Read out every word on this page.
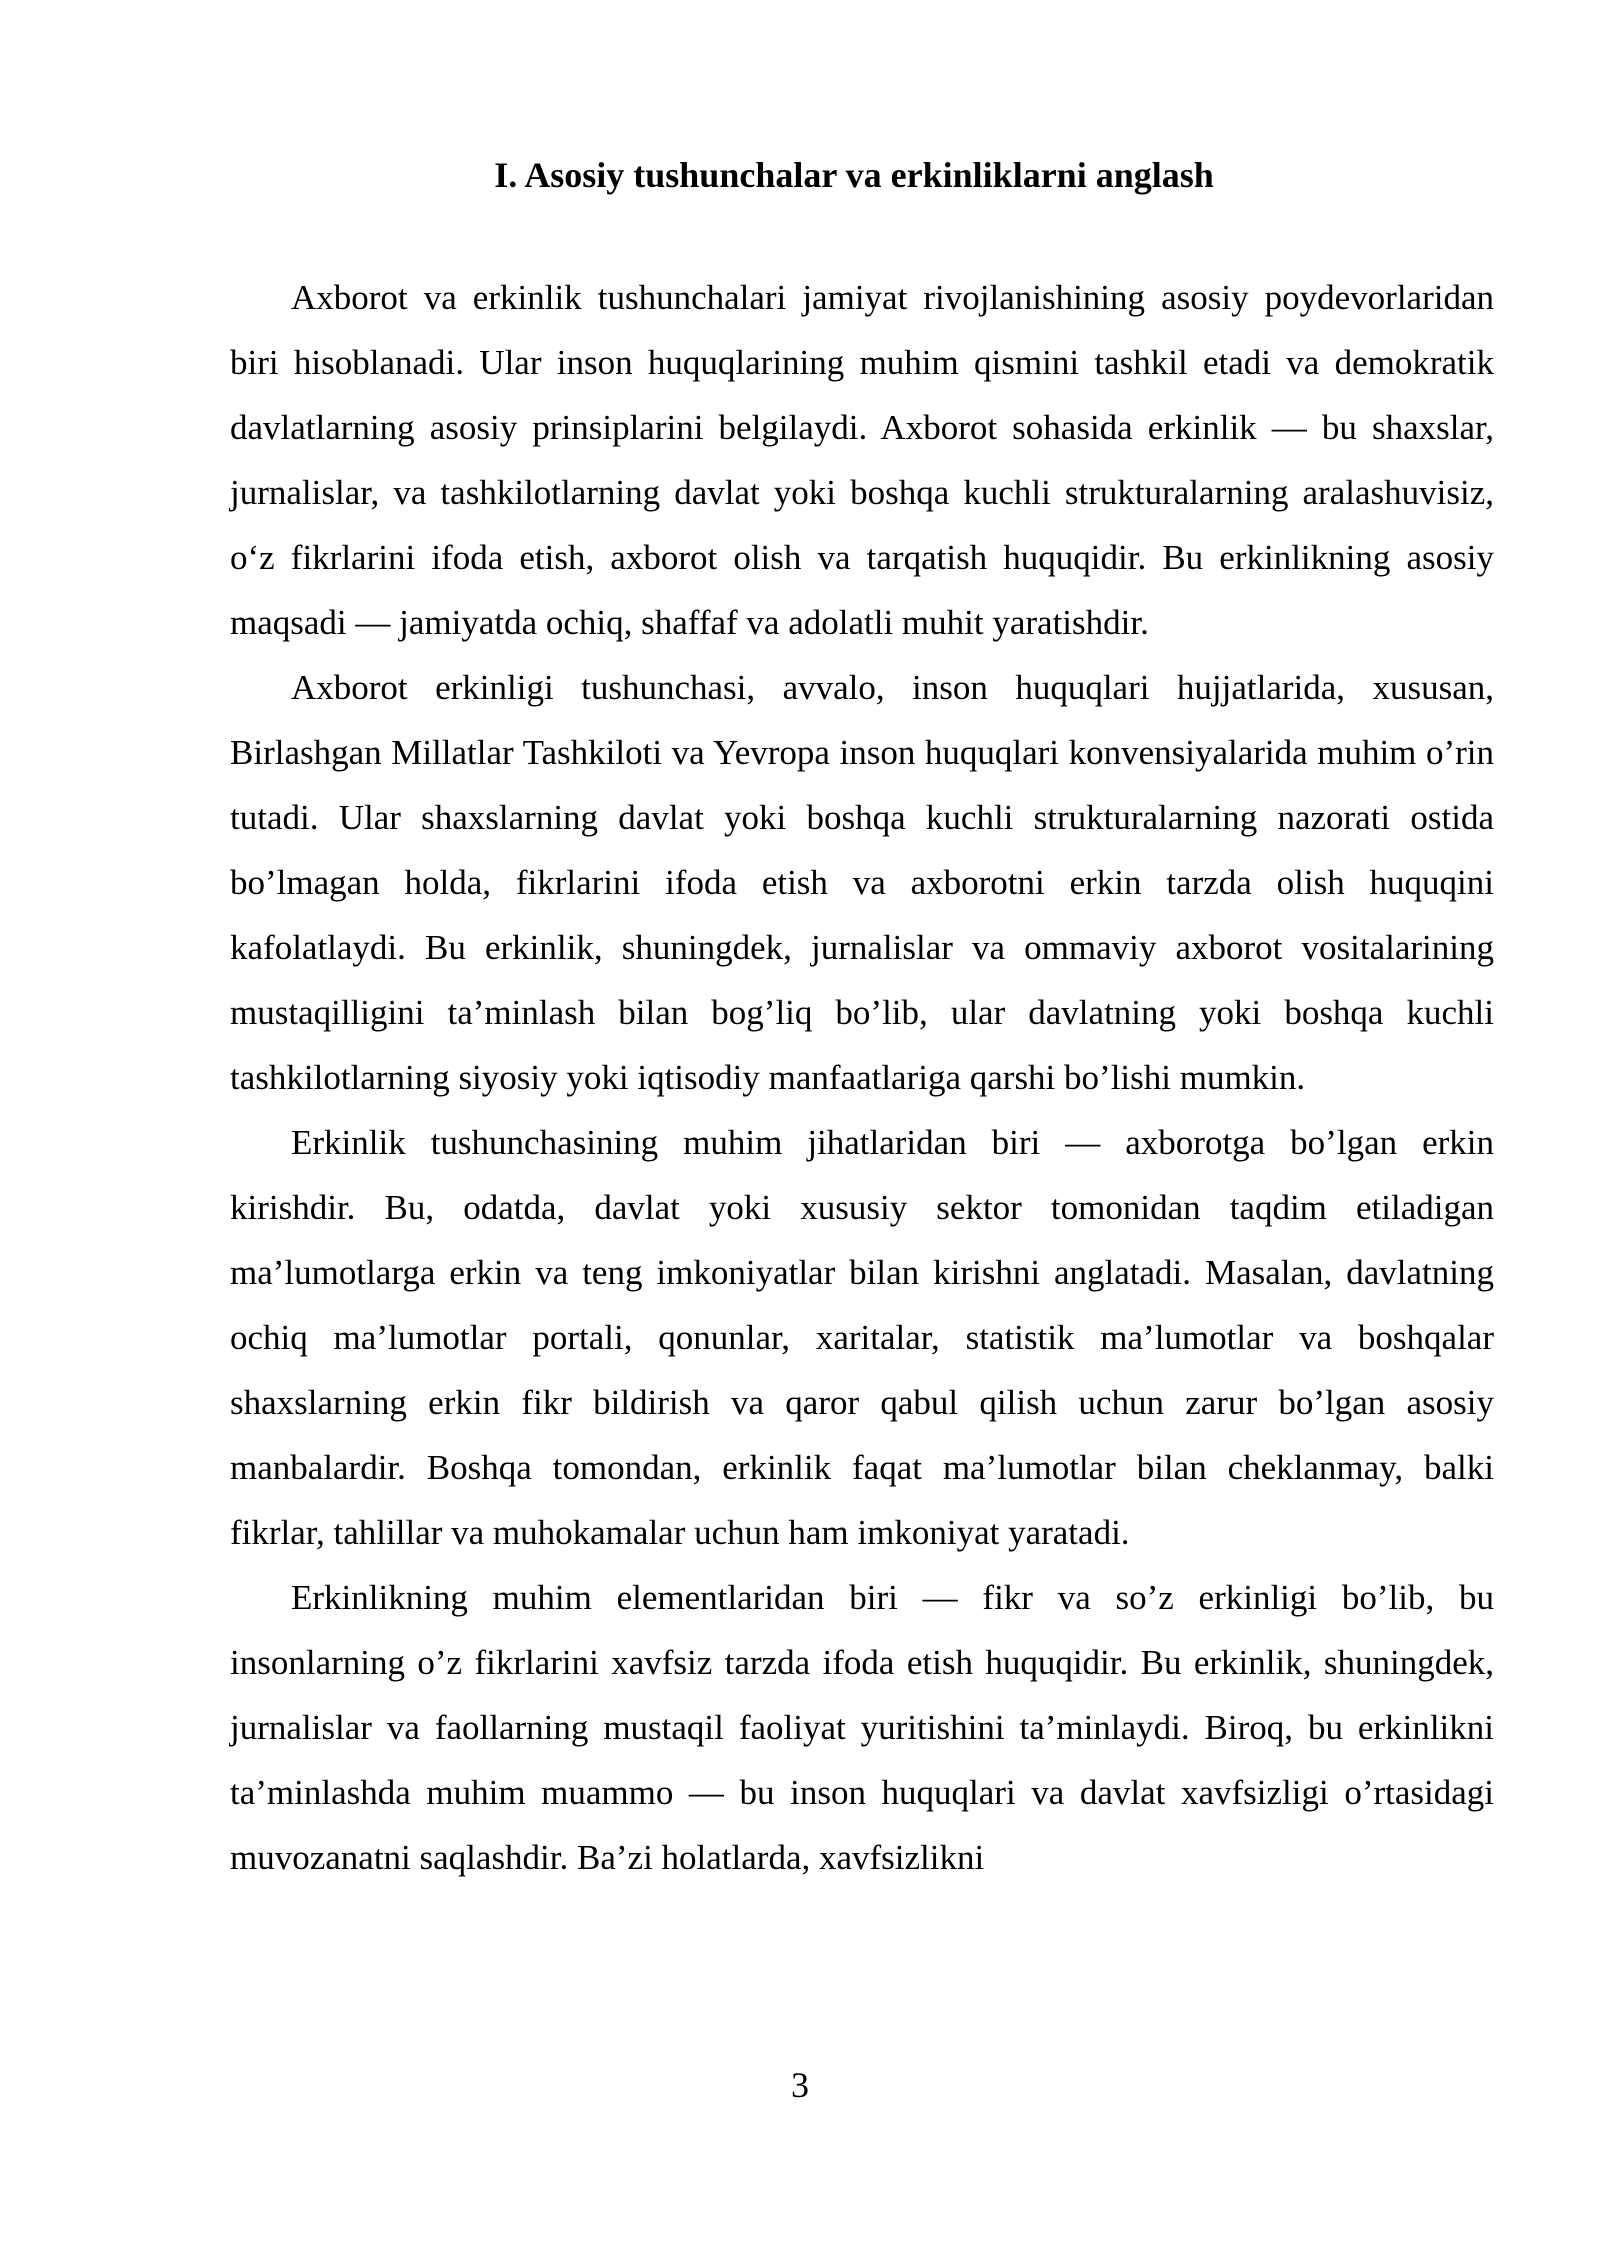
I. Asosiy tushunchalar va erkinliklarni anglash

Axborot va erkinlik tushunchalari jamiyat rivojlanishining asosiy poydevorlaridan biri hisoblanadi. Ular inson huquqlarining muhim qismini tashkil etadi va demokratik davlatlarning asosiy prinsiplarini belgilaydi. Axborot sohasida erkinlik — bu shaxslar, jurnalislar, va tashkilotlarning davlat yoki boshqa kuchli strukturalarning aralashuvisiz, o‘z fikrlarini ifoda etish, axborot olish va tarqatish huquqidir. Bu erkinlikning asosiy maqsadi — jamiyatda ochiq, shaffaf va adolatli muhit yaratishdir.

Axborot erkinligi tushunchasi, avvalo, inson huquqlari hujjatlarida, xususan, Birlashgan Millatlar Tashkiloti va Yevropa inson huquqlari konvensiyalarida muhim o’rin tutadi. Ular shaxslarning davlat yoki boshqa kuchli strukturalarning nazorati ostida bo’lmagan holda, fikrlarini ifoda etish va axborotni erkin tarzda olish huquqini kafolatlaydi. Bu erkinlik, shuningdek, jurnalislar va ommaviy axborot vositalarining mustaqilligini ta’minlash bilan bog’liq bo’lib, ular davlatning yoki boshqa kuchli tashkilotlarning siyosiy yoki iqtisodiy manfaatlariga qarshi bo’lishi mumkin.

Erkinlik tushunchasining muhim jihatlaridan biri — axborotga bo’lgan erkin kirishdir. Bu, odatda, davlat yoki xususiy sektor tomonidan taqdim etiladigan ma’lumotlarga erkin va teng imkoniyatlar bilan kirishni anglatadi. Masalan, davlatning ochiq ma’lumotlar portali, qonunlar, xaritalar, statistik ma’lumotlar va boshqalar shaxslarning erkin fikr bildirish va qaror qabul qilish uchun zarur bo’lgan asosiy manbalardir. Boshqa tomondan, erkinlik faqat ma’lumotlar bilan cheklanmay, balki fikrlar, tahlillar va muhokamalar uchun ham imkoniyat yaratadi.

Erkinlikning muhim elementlaridan biri — fikr va so’z erkinligi bo’lib, bu insonlarning o’z fikrlarini xavfsiz tarzda ifoda etish huquqidir. Bu erkinlik, shuningdek, jurnalislar va faollarning mustaqil faoliyat yuritishini ta’minlaydi. Biroq, bu erkinlikni ta’minlashda muhim muammo — bu inson huquqlari va davlat xavfsizligi o’rtasidagi muvozanatni saqlashdir. Ba’zi holatlarda, xavfsizlikni

3
